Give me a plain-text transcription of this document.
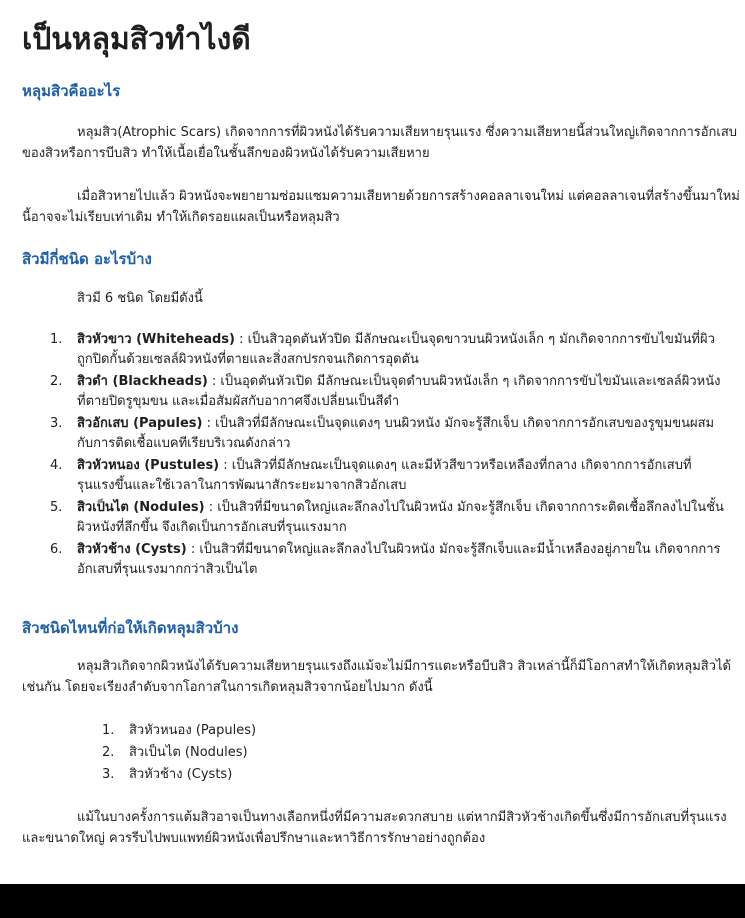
เป็นหลุมสิวทำไงดี
หลุมสิวคืออะไร

หลุมสิว(Atrophic Scars) เกิดจากการที่ผิวหนังได้รับความเสียหายรุนแรง ซึ่งความเสียหายนี้ส่วนใหญ่เกิดจากการอักเสบของสิวหรือการบีบสิว ทำให้เนื้อเยื่อในชั้นลึกของผิวหนังได้รับความเสียหาย

เมื่อสิวหายไปแล้ว ผิวหนังจะพยายามซ่อมแซมความเสียหายด้วยการสร้างคอลลาเจนใหม่ แต่คอลลาเจนที่สร้างขึ้นมาใหม่นี้อาจจะไม่เรียบเท่าเดิม ทำให้เกิดรอยแผลเป็นหรือหลุมสิว

สิวมีกี่ชนิด อะไรบ้าง

สิวมี 6 ชนิด โดยมีดังนี้

1. สิวหัวขาว (Whiteheads) : เป็นสิวอุดตันหัวปิด มีลักษณะเป็นจุดขาวบนผิวหนังเล็ก ๆ มักเกิดจากการขับไขมันที่ผิวถูกปิดกั้นด้วยเซลล์ผิวหนังที่ตายและสิ่งสกปรกจนเกิดการอุดตัน
2. สิวดำ (Blackheads) : เป็นอุดตันหัวเปิด มีลักษณะเป็นจุดดำบนผิวหนังเล็ก ๆ เกิดจากการขับไขมันและเซลล์ผิวหนังที่ตายปิดรูขุมขน และเมื่อสัมผัสกับอากาศจึงเปลี่ยนเป็นสีดำ
3. สิวอักเสบ (Papules) : เป็นสิวที่มีลักษณะเป็นจุดแดงๆ บนผิวหนัง มักจะรู้สึกเจ็บ เกิดจากการอักเสบของรูขุมขนผสมกับการติดเชื้อแบคทีเรียบริเวณดังกล่าว
4. สิวหัวหนอง (Pustules) : เป็นสิวที่มีลักษณะเป็นจุดแดงๆ และมีหัวสีขาวหรือเหลืองที่กลาง เกิดจากการอักเสบที่รุนแรงขึ้นและใช้เวลาในการพัฒนาสักระยะมาจากสิวอักเสบ
5. สิวเป็นไต (Nodules) : เป็นสิวที่มีขนาดใหญ่และลึกลงไปในผิวหนัง มักจะรู้สึกเจ็บ เกิดจากการะติดเชื้อลึกลงไปในชั้นผิวหนังที่ลึกขึ้น จึงเกิดเป็นการอักเสบที่รุนแรงมาก
6. สิวหัวช้าง (Cysts) : เป็นสิวที่มีขนาดใหญ่และลึกลงไปในผิวหนัง มักจะรู้สึกเจ็บและมีน้ำเหลืองอยู่ภายใน เกิดจากการอักเสบที่รุนแรงมากกว่าสิวเป็นไต
สิวชนิดไหนที่ก่อให้เกิดหลุมสิวบ้าง

หลุมสิวเกิดจากผิวหนังได้รับความเสียหายรุนแรงถึงแม้จะไม่มีการแตะหรือบีบสิว สิวเหล่านี้ก็มีโอกาสทำให้เกิดหลุมสิวได้เช่นกัน โดยจะเรียงลำดับจากโอกาสในการเกิดหลุมสิวจากน้อยไปมาก ดังนี้

1. สิวหัวหนอง (Papules)
2. สิวเป็นไต (Nodules)
3. สิวหัวช้าง (Cysts)

แม้ในบางครั้งการแต้มสิวอาจเป็นทางเลือกหนึ่งที่มีความสะดวกสบาย แต่หากมีสิวหัวช้างเกิดขึ้นซึ่งมีการอักเสบที่รุนแรงและขนาดใหญ่ ควรรีบไปพบแพทย์ผิวหนังเพื่อปรึกษาและหาวิธีการรักษาอย่างถูกต้อง
